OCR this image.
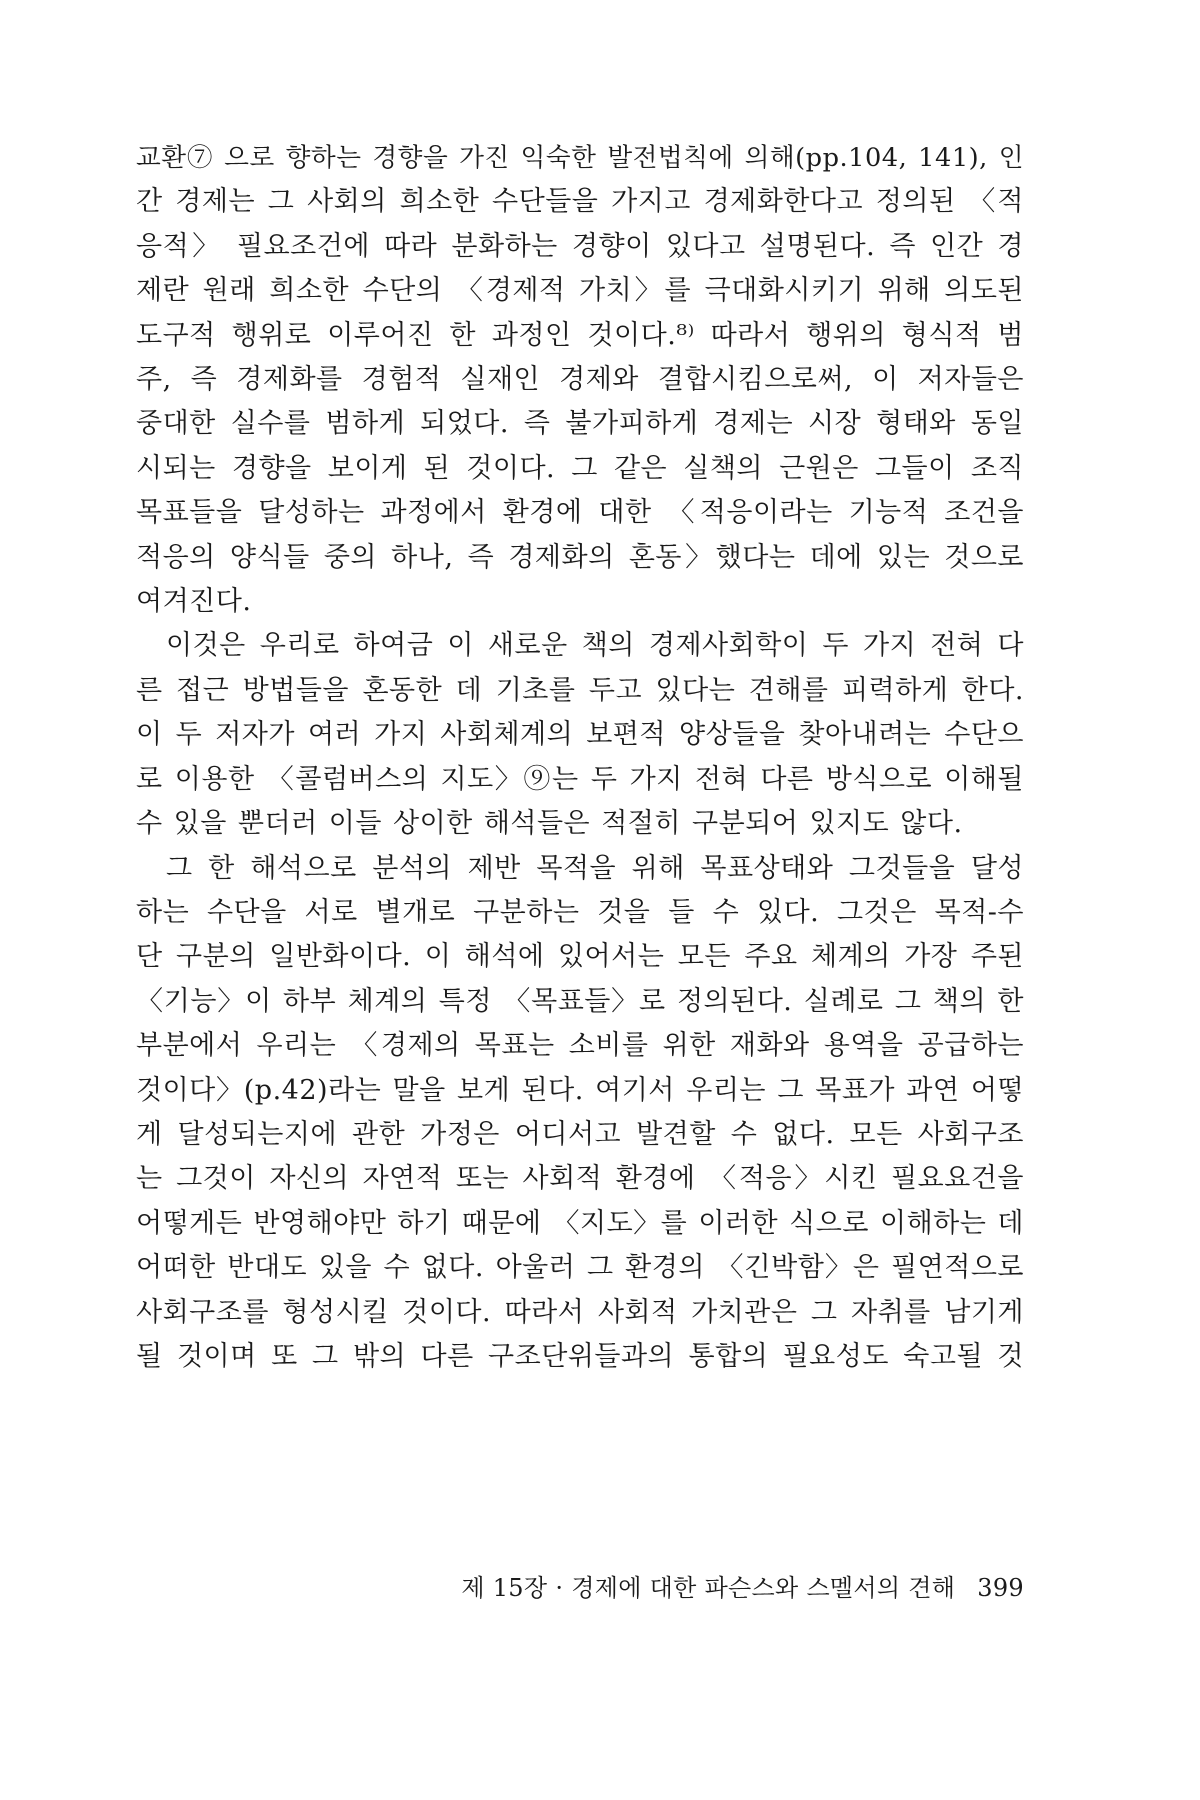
교환⑦ 으로 향하는 경향을 가진 익숙한 발전법칙에 의해(pp.104, 141), 인
간 경제는 그 사회의 희소한 수단들을 가지고 경제화한다고 정의된 〈적
응적〉 필요조건에 따라 분화하는 경향이 있다고 설명된다. 즉 인간 경
제란 원래 희소한 수단의 〈경제적 가치〉를 극대화시키기 위해 의도된
도구적 행위로 이루어진 한 과정인 것이다.⁸⁾ 따라서 행위의 형식적 범
주, 즉 경제화를 경험적 실재인 경제와 결합시킴으로써, 이 저자들은
중대한 실수를 범하게 되었다. 즉 불가피하게 경제는 시장 형태와 동일
시되는 경향을 보이게 된 것이다. 그 같은 실책의 근원은 그들이 조직
목표들을 달성하는 과정에서 환경에 대한 〈적응이라는 기능적 조건을
적응의 양식들 중의 하나, 즉 경제화의 혼동〉했다는 데에 있는 것으로
여겨진다.
이것은 우리로 하여금 이 새로운 책의 경제사회학이 두 가지 전혀 다
른 접근 방법들을 혼동한 데 기초를 두고 있다는 견해를 피력하게 한다.
이 두 저자가 여러 가지 사회체계의 보편적 양상들을 찾아내려는 수단으
로 이용한 〈콜럼버스의 지도〉⑨는 두 가지 전혀 다른 방식으로 이해될
수 있을 뿐더러 이들 상이한 해석들은 적절히 구분되어 있지도 않다.
그 한 해석으로 분석의 제반 목적을 위해 목표상태와 그것들을 달성
하는 수단을 서로 별개로 구분하는 것을 들 수 있다. 그것은 목적-수
단 구분의 일반화이다. 이 해석에 있어서는 모든 주요 체계의 가장 주된
〈기능〉이 하부 체계의 특정 〈목표들〉로 정의된다. 실례로 그 책의 한
부분에서 우리는 〈경제의 목표는 소비를 위한 재화와 용역을 공급하는
것이다〉(p.42)라는 말을 보게 된다. 여기서 우리는 그 목표가 과연 어떻
게 달성되는지에 관한 가정은 어디서고 발견할 수 없다. 모든 사회구조
는 그것이 자신의 자연적 또는 사회적 환경에 〈적응〉시킨 필요요건을
어떻게든 반영해야만 하기 때문에 〈지도〉를 이러한 식으로 이해하는 데
어떠한 반대도 있을 수 없다. 아울러 그 환경의 〈긴박함〉은 필연적으로
사회구조를 형성시킬 것이다. 따라서 사회적 가치관은 그 자취를 남기게
될 것이며 또 그 밖의 다른 구조단위들과의 통합의 필요성도 숙고될 것
제 15장 · 경제에 대한 파슨스와 스멜서의 견해 399
